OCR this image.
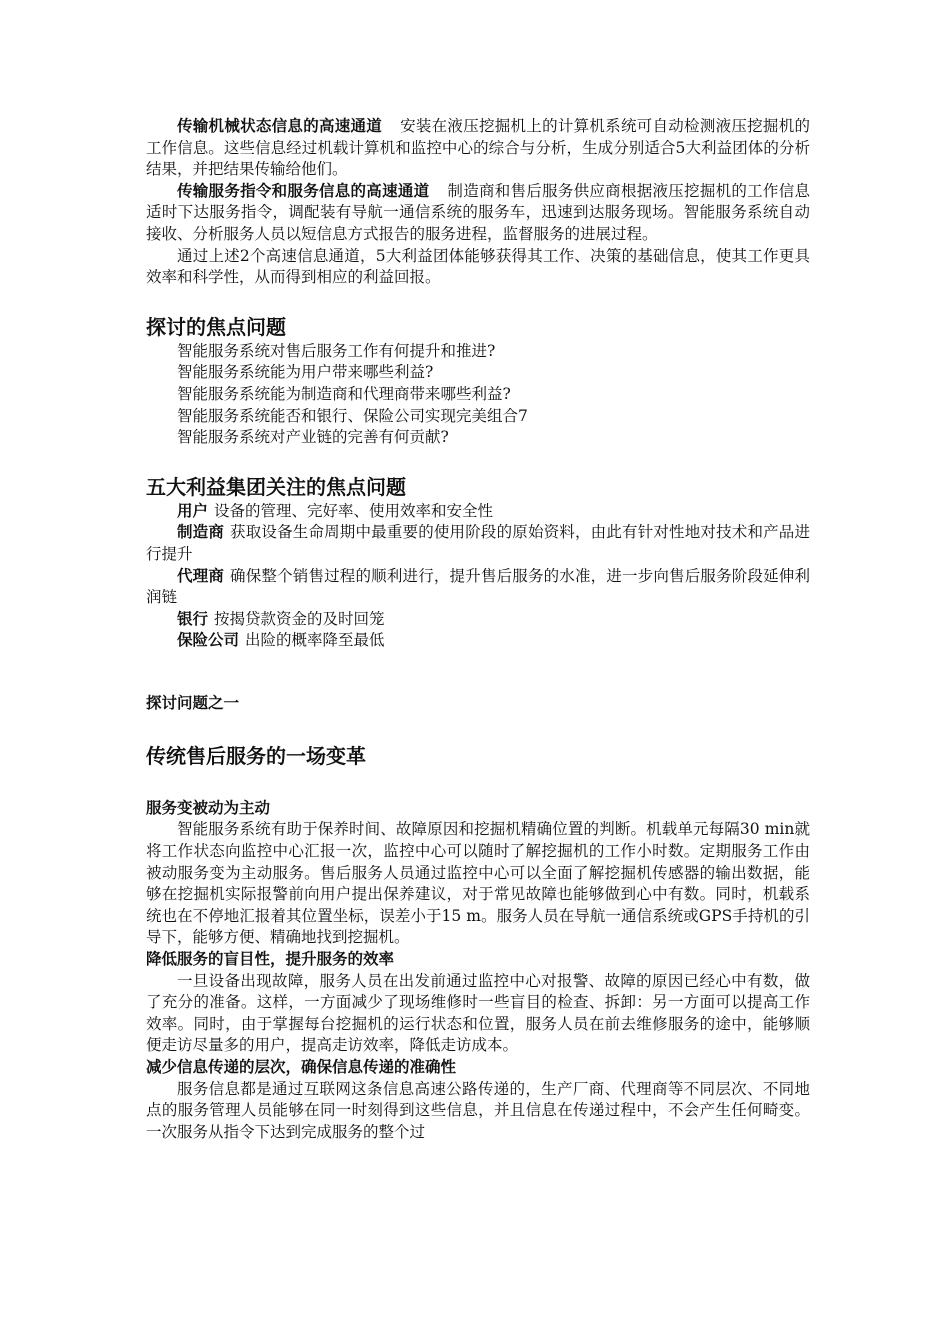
传输机械状态信息的高速通道 安装在液压挖掘机上的计算机系统可自动检测液压挖掘机的工作信息。这些信息经过机载计算机和监控中心的综合与分析，生成分别适合5大利益团体的分析结果，并把结果传输给他们。

传输服务指令和服务信息的高速通道 制造商和售后服务供应商根据液压挖掘机的工作信息适时下达服务指令，调配装有导航一通信系统的服务车，迅速到达服务现场。智能服务系统自动接收、分析服务人员以短信息方式报告的服务进程，监督服务的进展过程。

通过上述2个高速信息通道，5大利益团体能够获得其工作、决策的基础信息，使其工作更具效率和科学性，从而得到相应的利益回报。

探讨的焦点问题
智能服务系统对售后服务工作有何提升和推进?
智能服务系统能为用户带来哪些利益?
智能服务系统能为制造商和代理商带来哪些利益?
智能服务系统能否和银行、保险公司实现完美组合7
智能服务系统对产业链的完善有何贡献?
五大利益集团关注的焦点问题

用户 设备的管理、完好率、使用效率和安全性

制造商 获取设备生命周期中最重要的使用阶段的原始资料，由此有针对性地对技术和产品进行提升

代理商 确保整个销售过程的顺利进行，提升售后服务的水准，进一步向售后服务阶段延伸利润链

银行 按揭贷款资金的及时回笼

保险公司 出险的概率降至最低

探讨问题之一
传统售后服务的一场变革
服务变被动为主动

智能服务系统有助于保养时间、故障原因和挖掘机精确位置的判断。机载单元每隔30 min就将工作状态向监控中心汇报一次，监控中心可以随时了解挖掘机的工作小时数。定期服务工作由被动服务变为主动服务。售后服务人员通过监控中心可以全面了解挖掘机传感器的输出数据，能够在挖掘机实际报警前向用户提出保养建议，对于常见故障也能够做到心中有数。同时，机载系统也在不停地汇报着其位置坐标，误差小于15 m。服务人员在导航一通信系统或GPS手持机的引导下，能够方便、精确地找到挖掘机。

降低服务的盲目性，提升服务的效率

一旦设备出现故障，服务人员在出发前通过监控中心对报警、故障的原因已经心中有数，做了充分的准备。这样，一方面减少了现场维修时一些盲目的检查、拆卸：另一方面可以提高工作效率。同时，由于掌握每台挖掘机的运行状态和位置，服务人员在前去维修服务的途中，能够顺便走访尽量多的用户，提高走访效率，降低走访成本。

减少信息传递的层次，确保信息传递的准确性

服务信息都是通过互联网这条信息高速公路传递的，生产厂商、代理商等不同层次、不同地点的服务管理人员能够在同一时刻得到这些信息，并且信息在传递过程中，不会产生任何畸变。一次服务从指令下达到完成服务的整个过
